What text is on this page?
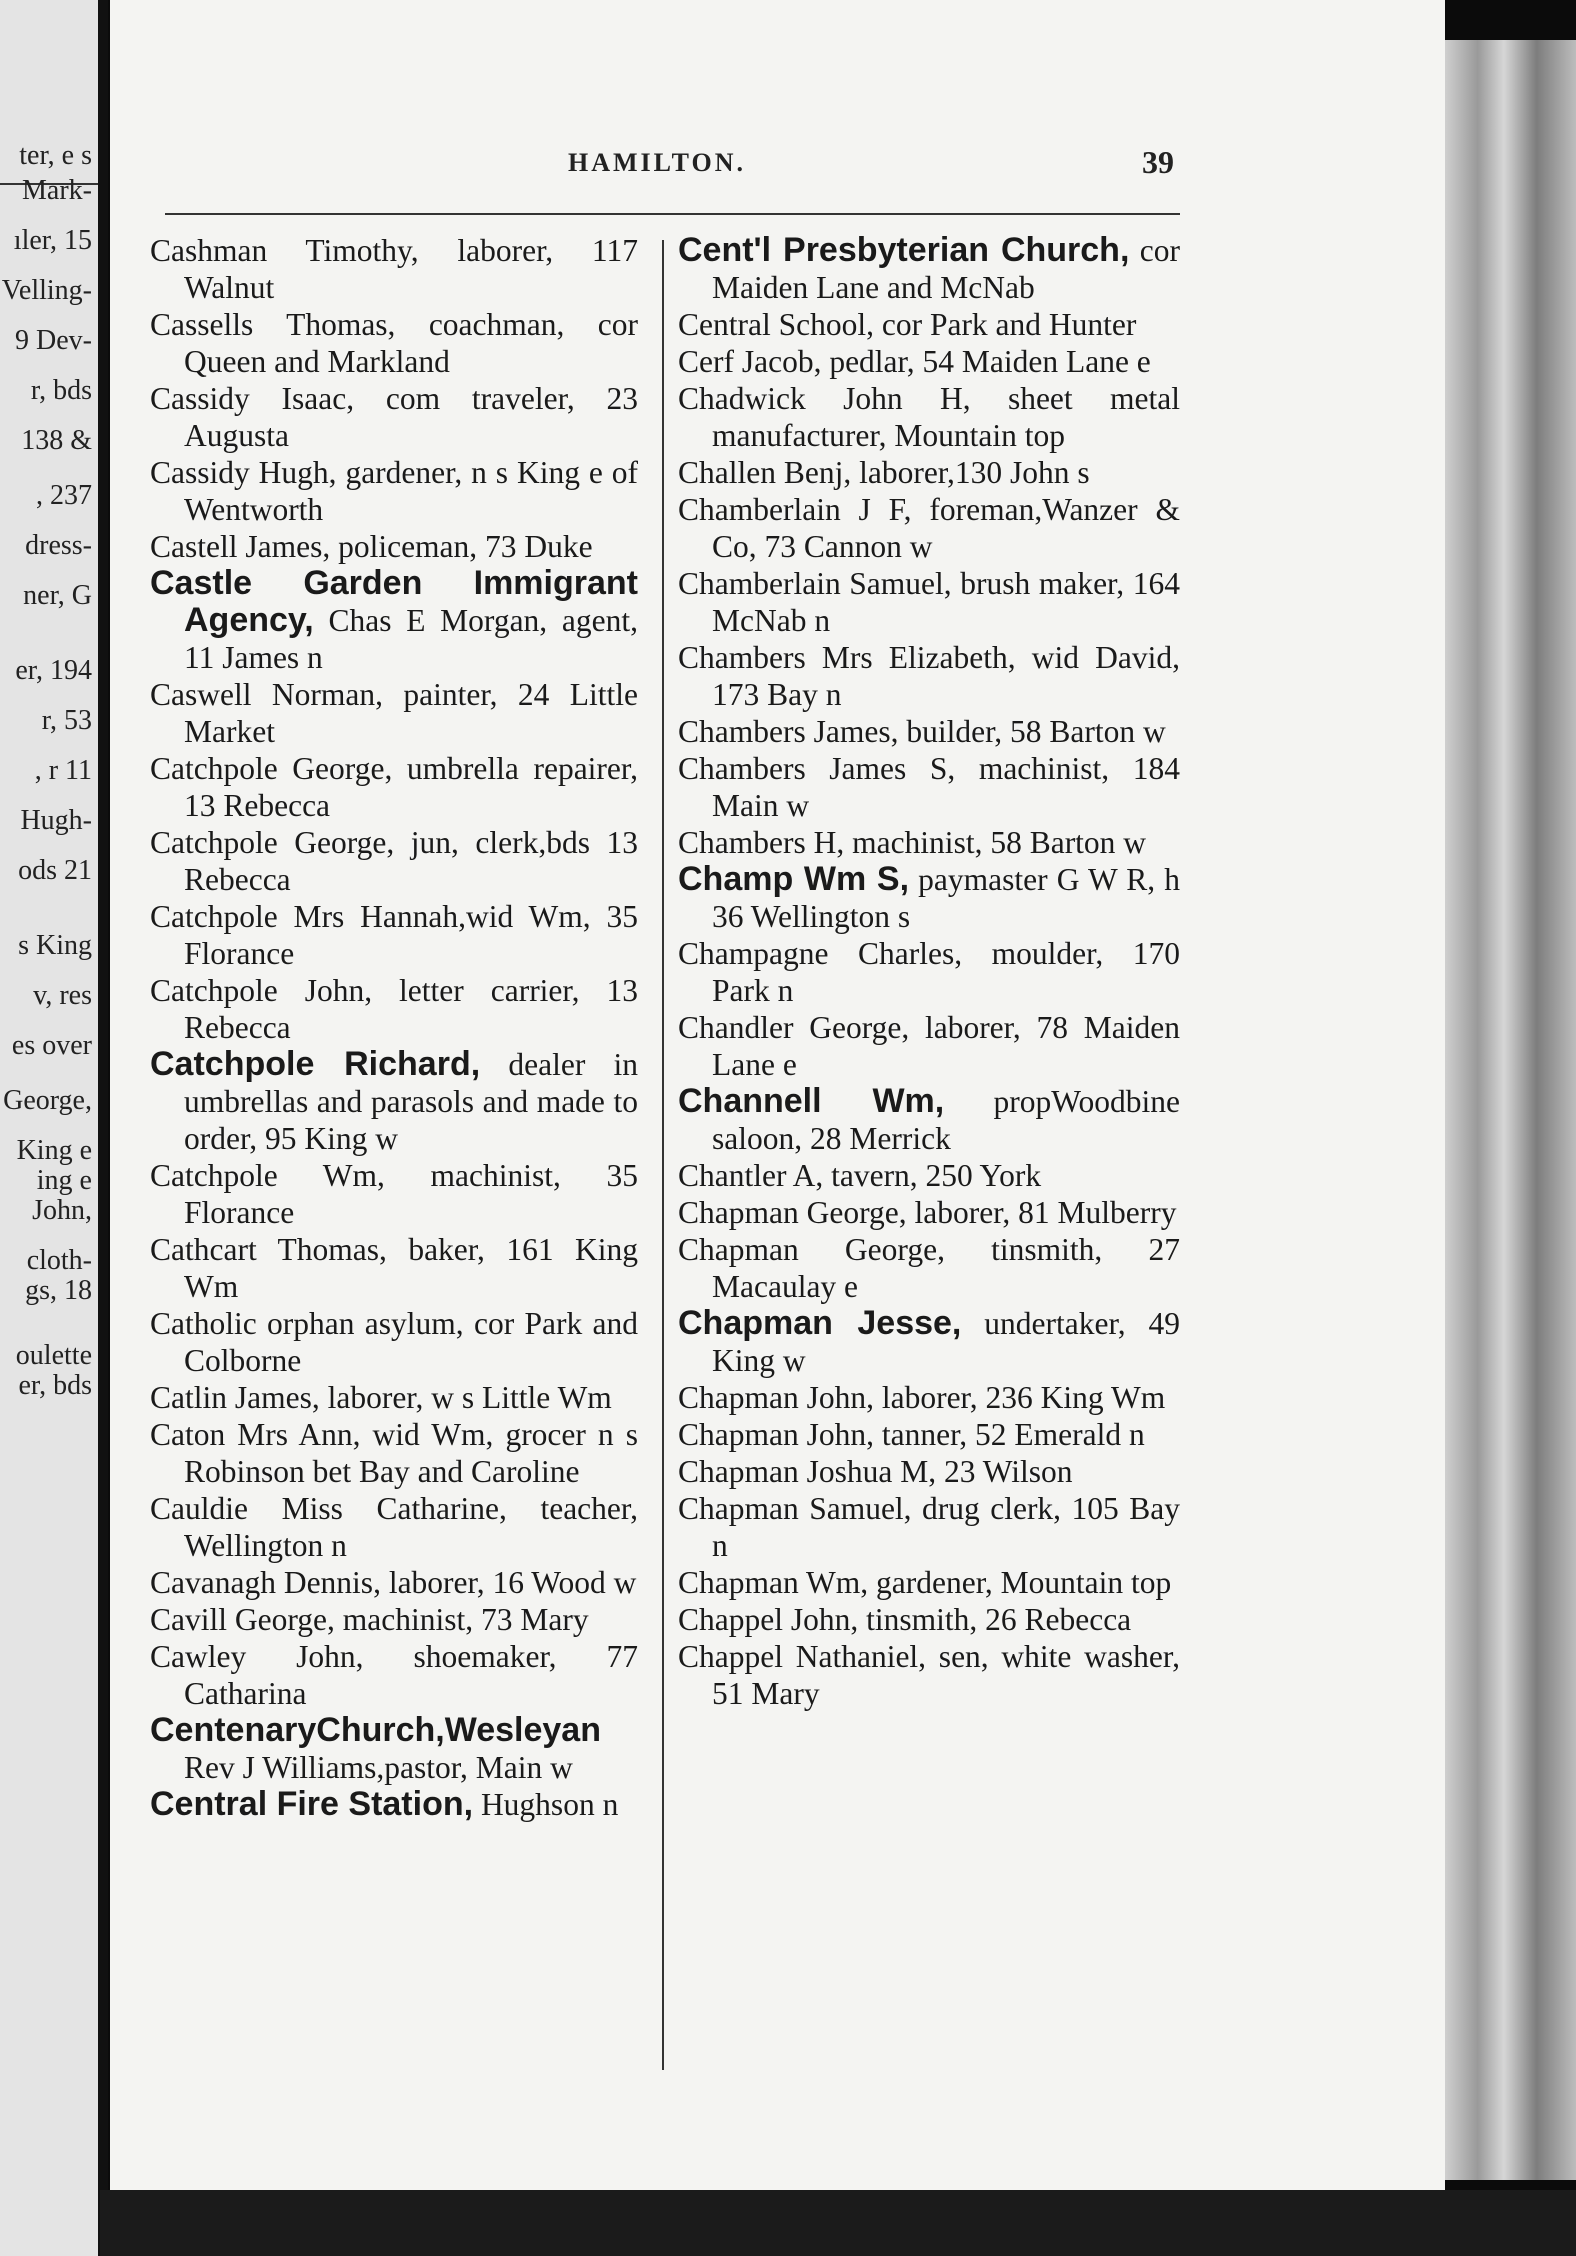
ter, e s
Mark-
ıler, 15
Velling-
9 Dev-
r, bds
138 &
, 237
dress-
ner, G
er, 194
r, 53
, r 11
Hugh-
ods 21
s King
v, res
es over
George,
King e
ing e
John,
cloth-
gs, 18
oulette
er, bds
HAMILTON.	39
Cashman Timothy, laborer, 117 Walnut
Cassells Thomas, coachman, cor Queen and Markland
Cassidy Isaac, com traveler, 23 Augusta
Cassidy Hugh, gardener, n s King e of Wentworth
Castell James, policeman, 73 Duke
Castle Garden Immigrant Agency, Chas E Morgan, agent, 11 James n
Caswell Norman, painter, 24 Little Market
Catchpole George, umbrella repairer, 13 Rebecca
Catchpole George, jun, clerk,bds 13 Rebecca
Catchpole Mrs Hannah,wid Wm, 35 Florance
Catchpole John, letter carrier, 13 Rebecca
Catchpole Richard, dealer in umbrellas and parasols and made to order, 95 King w
Catchpole Wm, machinist, 35 Florance
Cathcart Thomas, baker, 161 King Wm
Catholic orphan asylum, cor Park and Colborne
Catlin James, laborer, w s Little Wm
Caton Mrs Ann, wid Wm, grocer n s Robinson bet Bay and Caroline
Cauldie Miss Catharine, teacher, Wellington n
Cavanagh Dennis, laborer, 16 Wood w
Cavill George, machinist, 73 Mary
Cawley John, shoemaker, 77 Catharina
CentenaryChurch,Wesleyan Rev J Williams,pastor, Main w
Central Fire Station, Hughson n
Cent'l Presbyterian Church, cor Maiden Lane and McNab
Central School, cor Park and Hunter
Cerf Jacob, pedlar, 54 Maiden Lane e
Chadwick John H, sheet metal manufacturer, Mountain top
Challen Benj, laborer,130 John s
Chamberlain J F, foreman,Wanzer & Co, 73 Cannon w
Chamberlain Samuel, brush maker, 164 McNab n
Chambers Mrs Elizabeth, wid David, 173 Bay n
Chambers James, builder, 58 Barton w
Chambers James S, machinist, 184 Main w
Chambers H, machinist, 58 Barton w
Champ Wm S, paymaster G W R, h 36 Wellington s
Champagne Charles, moulder, 170 Park n
Chandler George, laborer, 78 Maiden Lane e
Channell Wm, propWoodbine saloon, 28 Merrick
Chantler A, tavern, 250 York
Chapman George, laborer, 81 Mulberry
Chapman George, tinsmith, 27 Macaulay e
Chapman Jesse, undertaker, 49 King w
Chapman John, laborer, 236 King Wm
Chapman John, tanner, 52 Emerald n
Chapman Joshua M, 23 Wilson
Chapman Samuel, drug clerk, 105 Bay n
Chapman Wm, gardener, Mountain top
Chappel John, tinsmith, 26 Rebecca
Chappel Nathaniel, sen, white washer, 51 Mary
